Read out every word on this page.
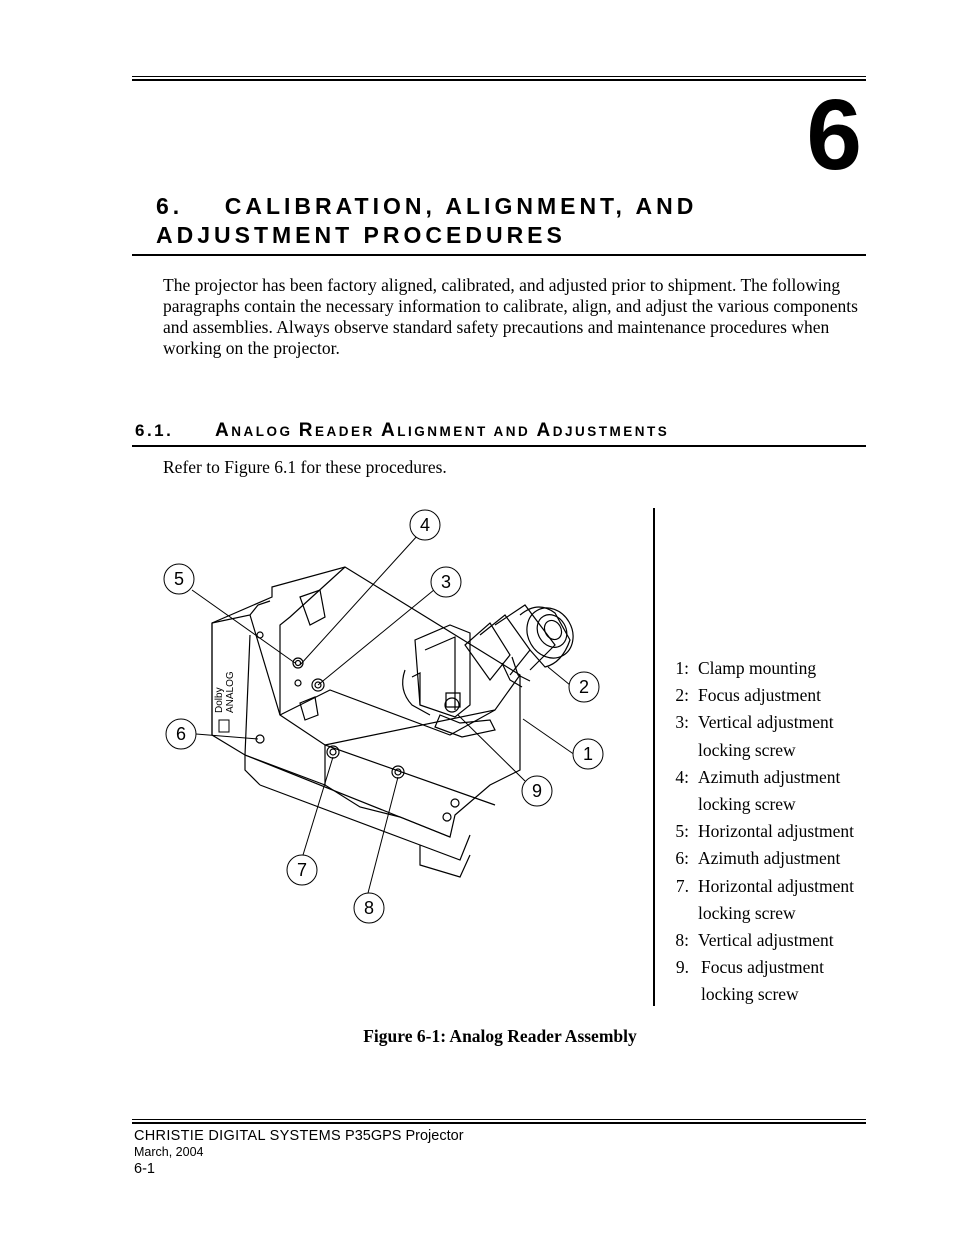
6
6.    CALIBRATION, ALIGNMENT, AND
ADJUSTMENT PROCEDURES
The projector has been factory aligned, calibrated, and adjusted prior to shipment. The following paragraphs contain the necessary information to calibrate, align, and adjust the various components and assemblies. Always observe standard safety precautions and maintenance procedures when working on the projector.
6.1. ANALOG READER ALIGNMENT AND ADJUSTMENTS
Refer to Figure 6.1 for these procedures.
Dolby ANALOG
1
2
3
4
5
6
7
8
9
1: Clamp mounting
2: Focus adjustment
3: Vertical adjustment
locking screw
4: Azimuth adjustment
locking screw
5: Horizontal adjustment
6: Azimuth adjustment
7. Horizontal adjustment
locking screw
8: Vertical adjustment
9. Focus adjustment
locking screw
Figure 6-1: Analog Reader Assembly
CHRISTIE DIGITAL SYSTEMS P35GPS Projector
March, 2004
6-1
